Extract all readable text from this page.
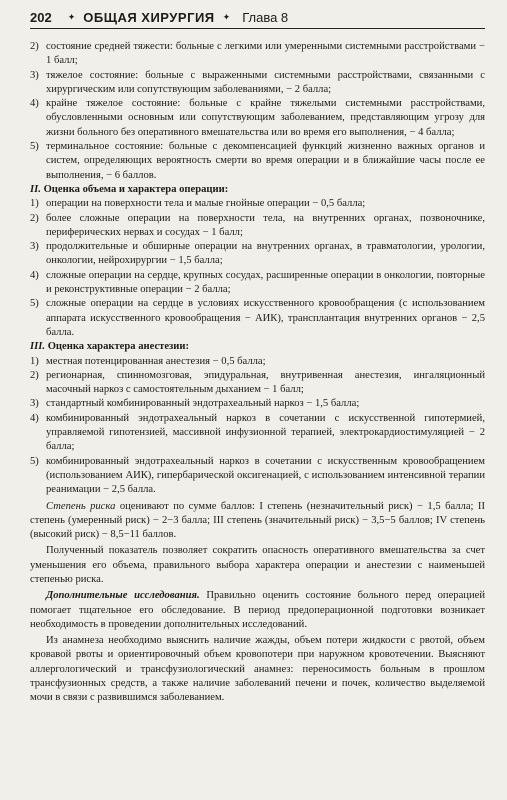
202 ✦ ОБЩАЯ ХИРУРГИЯ ✦ Глава 8
2) состояние средней тяжести: больные с легкими или умеренными системными расстройствами − 1 балл;
3) тяжелое состояние: больные с выраженными системными расстройствами, связанными с хирургическим или сопутствующим заболеваниями, − 2 балла;
4) крайне тяжелое состояние: больные с крайне тяжелыми системными расстройствами, обусловленными основным или сопутствующим заболеванием, представляющим угрозу для жизни больного без оперативного вмешательства или во время его выполнения, − 4 балла;
5) терминальное состояние: больные с декомпенсацией функций жизненно важных органов и систем, определяющих вероятность смерти во время операции и в ближайшие часы после ее выполнения, − 6 баллов.
II. Оценка объема и характера операции:
1) операции на поверхности тела и малые гнойные операции − 0,5 балла;
2) более сложные операции на поверхности тела, на внутренних органах, позвоночнике, периферических нервах и сосудах − 1 балл;
3) продолжительные и обширные операции на внутренних органах, в травматологии, урологии, онкологии, нейрохирургии − 1,5 балла;
4) сложные операции на сердце, крупных сосудах, расширенные операции в онкологии, повторные и реконструктивные операции − 2 балла;
5) сложные операции на сердце в условиях искусственного кровообращения (с использованием аппарата искусственного кровообращения − АИК), трансплантация внутренних органов − 2,5 балла.
III. Оценка характера анестезии:
1) местная потенцированная анестезия − 0,5 балла;
2) регионарная, спинномозговая, эпидуральная, внутривенная анестезия, ингаляционный масочный наркоз с самостоятельным дыханием − 1 балл;
3) стандартный комбинированный эндотрахеальный наркоз − 1,5 балла;
4) комбинированный эндотрахеальный наркоз в сочетании с искусственной гипотермией, управляемой гипотензией, массивной инфузионной терапией, электрокардиостимуляцией − 2 балла;
5) комбинированный эндотрахеальный наркоз в сочетании с искусственным кровообращением (использованием АИК), гипербарической оксигенацией, с использованием интенсивной терапии реанимации − 2,5 балла.
Степень риска оценивают по сумме баллов: I степень (незначительный риск) − 1,5 балла; II степень (умеренный риск) − 2−3 балла; III степень (значительный риск) − 3,5−5 баллов; IV степень (высокий риск) − 8,5−11 баллов.
Полученный показатель позволяет сократить опасность оперативного вмешательства за счет уменьшения его объема, правильного выбора характера операции и анестезии с наименьшей степенью риска.
Дополнительные исследования. Правильно оценить состояние больного перед операцией помогает тщательное его обследование. В период предоперационной подготовки возникает необходимость в проведении дополнительных исследований.
Из анамнеза необходимо выяснить наличие жажды, объем потери жидкости с рвотой, объем кровавой рвоты и ориентировочный объем кровопотери при наружном кровотечении. Выясняют аллергологический и трансфузиологический анамнез: переносимость больным в прошлом трансфузионных средств, а также наличие заболеваний печени и почек, количество выделяемой мочи в связи с развившимся заболеванием.
